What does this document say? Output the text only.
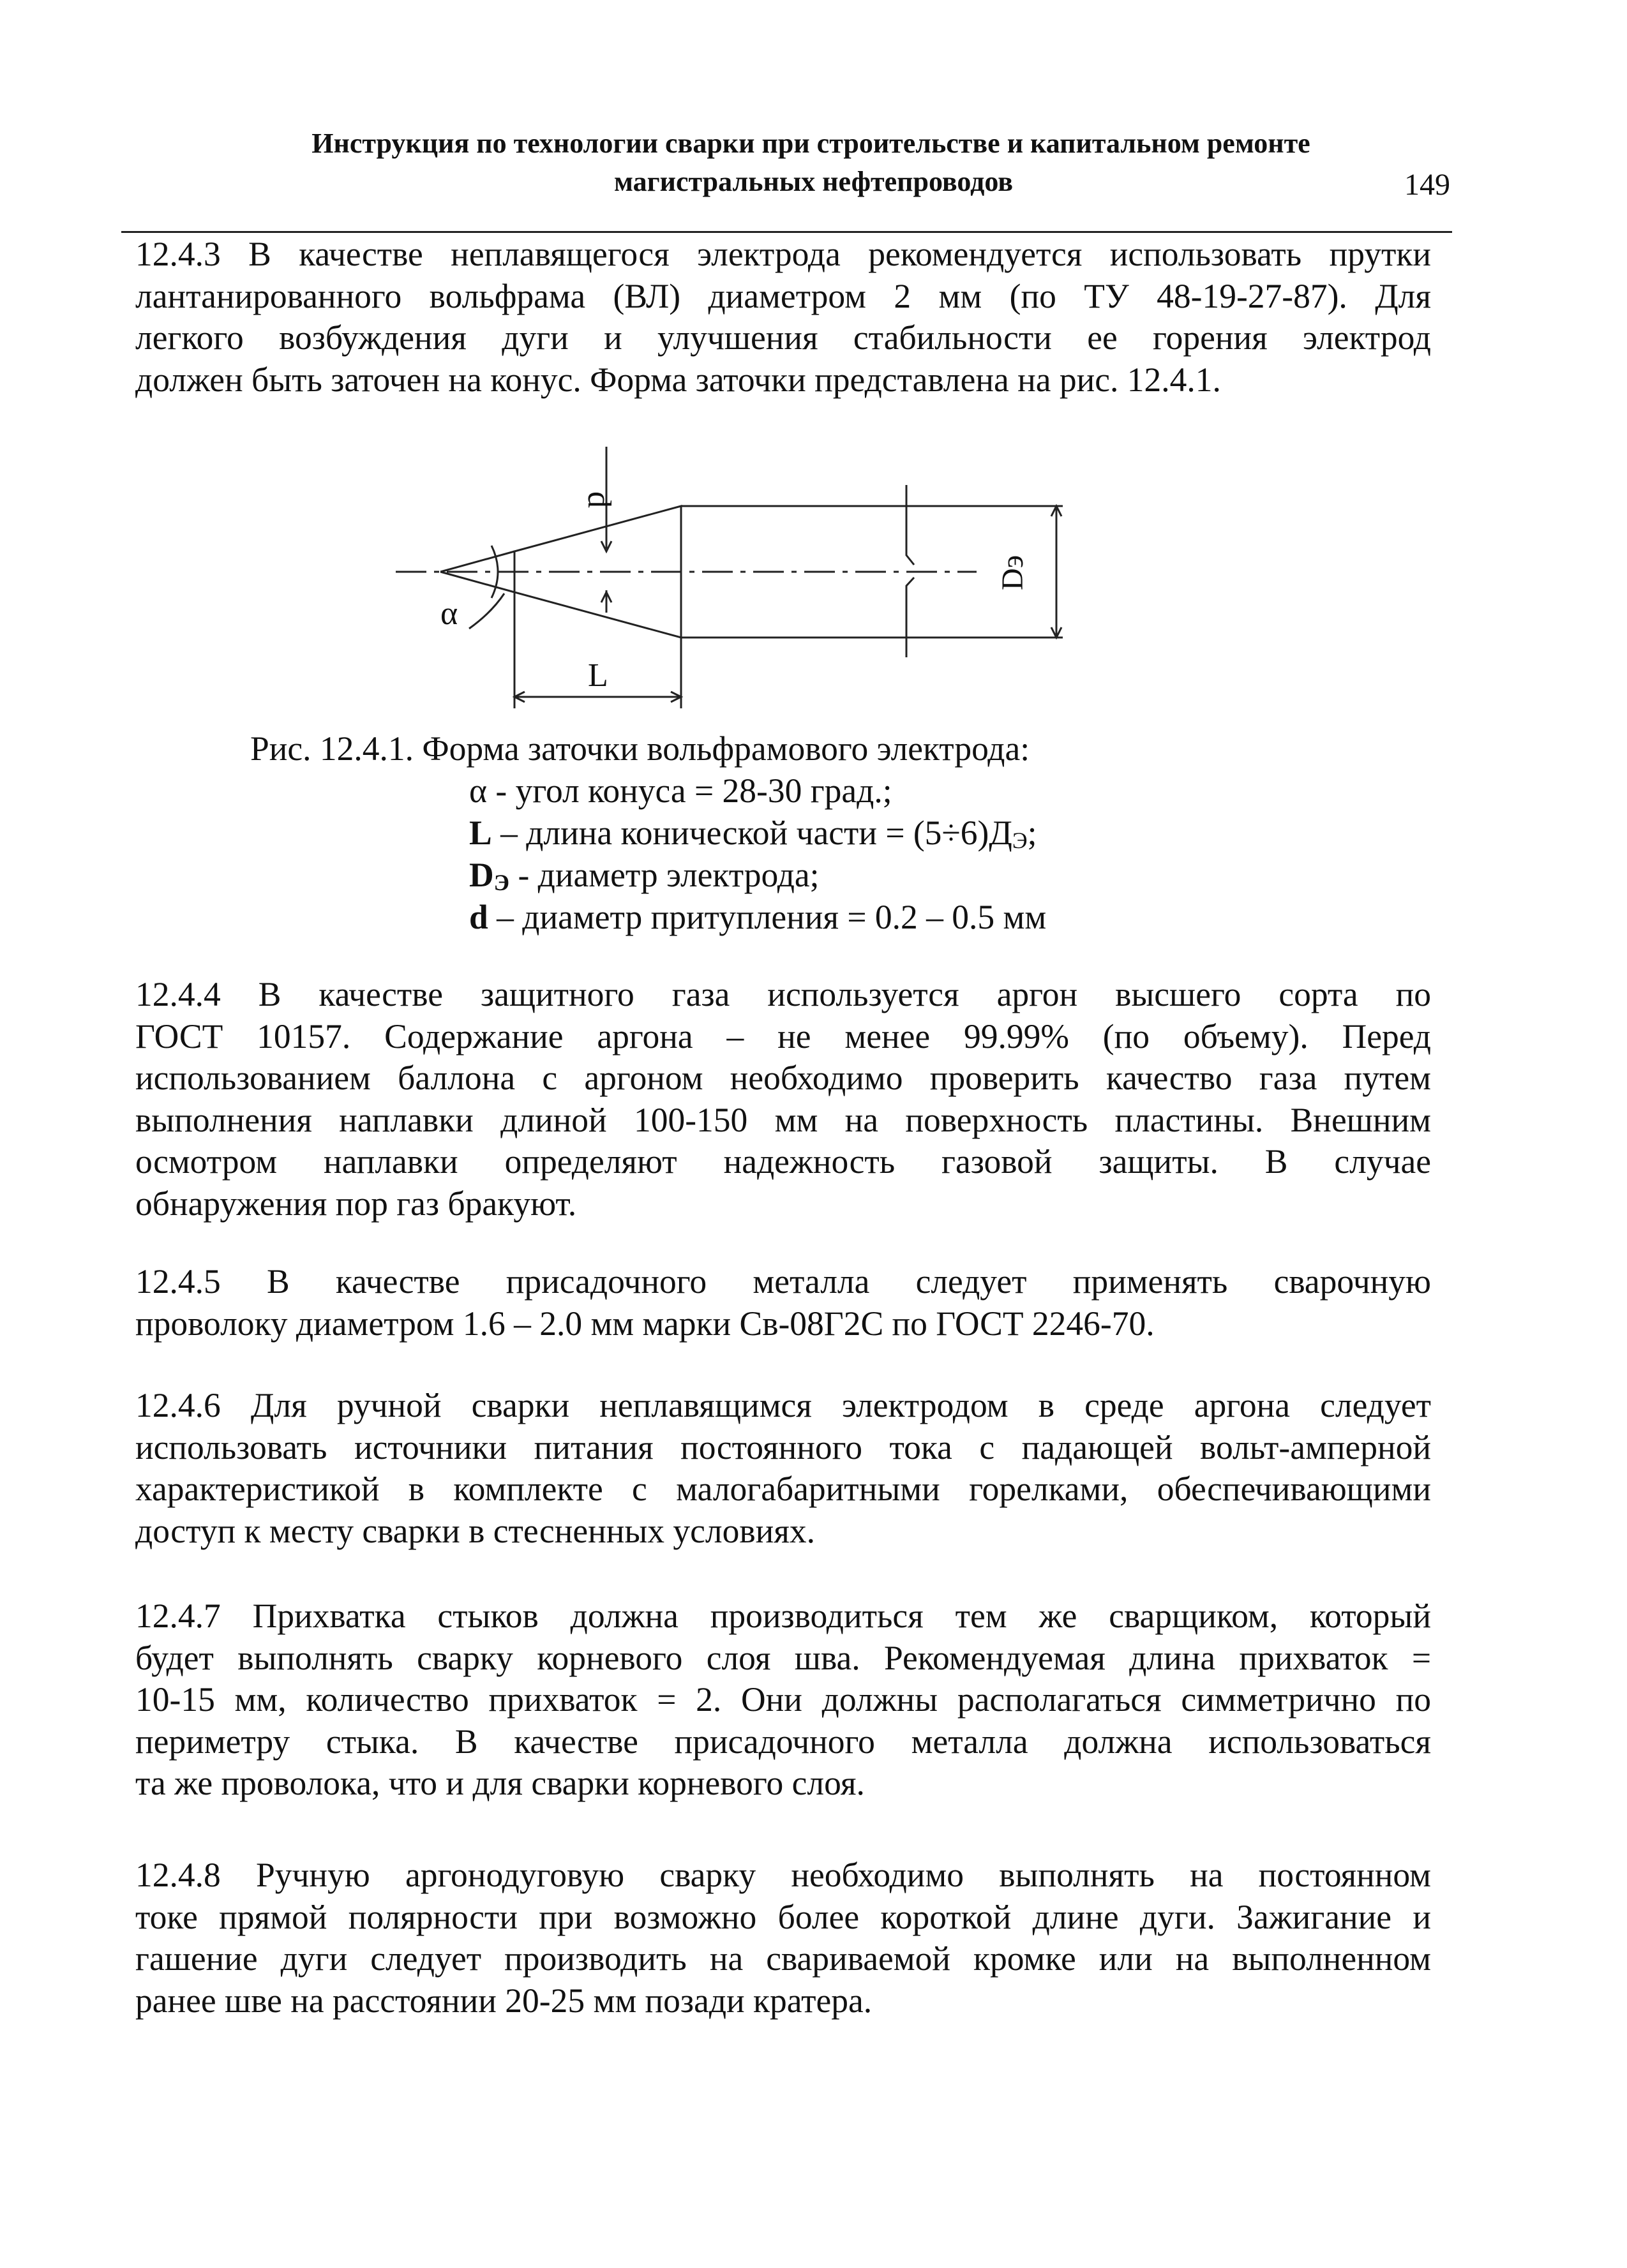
Инструкция по технологии сварки при строительстве и капитальном ремонте
магистральных нефтепроводов	149
12.4.3 В качестве неплавящегося электрода рекомендуется использовать прутки
лантанированного вольфрама (ВЛ) диаметром 2 мм (по ТУ 48-19-27-87). Для
легкого возбуждения дуги и улучшения стабильности ее горения электрод
должен быть заточен на конус. Форма заточки представлена на рис. 12.4.1.
d
Dэ
α
L
Рис. 12.4.1. Форма заточки вольфрамового электрода:
α - угол конуса = 28-30 град.;
L – длина конической части = (5÷6)ДЭ;
DЭ - диаметр электрода;
d – диаметр притупления = 0.2 – 0.5 мм
12.4.4 В качестве защитного газа используется аргон высшего сорта по
ГОСТ 10157. Содержание аргона – не менее 99.99% (по объему). Перед
использованием баллона с аргоном необходимо проверить качество газа путем
выполнения наплавки длиной 100-150 мм на поверхность пластины. Внешним
осмотром наплавки определяют надежность газовой защиты. В случае
обнаружения пор газ бракуют.
12.4.5 В качестве присадочного металла следует применять сварочную
проволоку диаметром 1.6 – 2.0 мм марки Св-08Г2С по ГОСТ 2246-70.
12.4.6 Для ручной сварки неплавящимся электродом в среде аргона следует
использовать источники питания постоянного тока с падающей вольт-амперной
характеристикой в комплекте с малогабаритными горелками, обеспечивающими
доступ к месту сварки в стесненных условиях.
12.4.7 Прихватка стыков должна производиться тем же сварщиком, который
будет выполнять сварку корневого слоя шва. Рекомендуемая длина прихваток =
10-15 мм, количество прихваток = 2. Они должны располагаться симметрично по
периметру стыка. В качестве присадочного металла должна использоваться
та же проволока, что и для сварки корневого слоя.
12.4.8 Ручную аргонодуговую сварку необходимо выполнять на постоянном
токе прямой полярности при возможно более короткой длине дуги. Зажигание и
гашение дуги следует производить на свариваемой кромке или на выполненном
ранее шве на расстоянии 20-25 мм позади кратера.
